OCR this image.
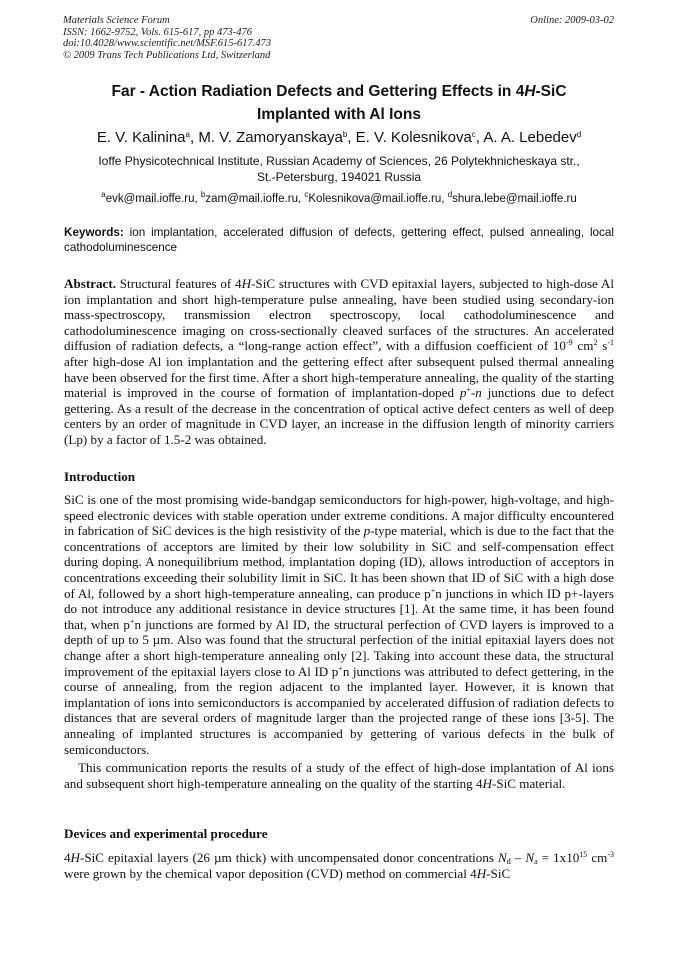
Materials Science Forum
ISSN: 1662-9752, Vols. 615-617, pp 473-476
doi:10.4028/www.scientific.net/MSF.615-617.473
© 2009 Trans Tech Publications Ltd, Switzerland
Online: 2009-03-02
Far - Action Radiation Defects and Gettering Effects in 4H-SiC
Implanted with Al Ions
E. V. Kalinina$^a$, M. V. Zamoryanskaya$^b$, E. V. Kolesnikova$^c$, A. A. Lebedev$^d$
Ioffe Physicotechnical Institute, Russian Academy of Sciences, 26 Polytekhnicheskaya str.,
St.-Petersburg, 194021 Russia
$^a$evk@mail.ioffe.ru, $^b$zam@mail.ioffe.ru, $^c$Kolesnikova@mail.ioffe.ru, $^d$shura.lebe@mail.ioffe.ru
Keywords: ion implantation, accelerated diffusion of defects, gettering effect, pulsed annealing, local cathodoluminescence
Abstract. Structural features of 4H-SiC structures with CVD epitaxial layers, subjected to high-dose Al ion implantation and short high-temperature pulse annealing, have been studied using secondary-ion mass-spectroscopy, transmission electron spectroscopy, local cathodoluminescence and cathodoluminescence imaging on cross-sectionally cleaved surfaces of the structures. An accelerated diffusion of radiation defects, a “long-range action effect”, with a diffusion coefficient of $10^{-9}$ $cm^2$ $s^{-1}$ after high-dose Al ion implantation and the gettering effect after subsequent pulsed thermal annealing have been observed for the first time. After a short high-temperature annealing, the quality of the starting material is improved in the course of formation of implantation-doped p+-n junctions due to defect gettering. As a result of the decrease in the concentration of optical active defect centers as well of deep centers by an order of magnitude in CVD layer, an increase in the diffusion length of minority carriers (Lp) by a factor of 1.5-2 was obtained.
Introduction
SiC is one of the most promising wide-bandgap semiconductors for high-power, high-voltage, and high-speed electronic devices with stable operation under extreme conditions. A major difficulty encountered in fabrication of SiC devices is the high resistivity of the p-type material, which is due to the fact that the concentrations of acceptors are limited by their low solubility in SiC and self-compensation effect during doping. A nonequilibrium method, implantation doping (ID), allows introduction of acceptors in concentrations exceeding their solubility limit in SiC. It has been shown that ID of SiC with a high dose of Al, followed by a short high-temperature annealing, can produce p+n junctions in which ID p+-layers do not introduce any additional resistance in device structures [1]. At the same time, it has been found that, when p+n junctions are formed by Al ID, the structural perfection of CVD layers is improved to a depth of up to 5 µm. Also was found that the structural perfection of the initial epitaxial layers does not change after a short high-temperature annealing only [2]. Taking into account these data, the structural improvement of the epitaxial layers close to Al ID p+n junctions was attributed to defect gettering, in the course of annealing, from the region adjacent to the implanted layer. However, it is known that implantation of ions into semiconductors is accompanied by accelerated diffusion of radiation defects to distances that are several orders of magnitude larger than the projected range of these ions [3-5]. The annealing of implanted structures is accompanied by gettering of various defects in the bulk of semiconductors.
This communication reports the results of a study of the effect of high-dose implantation of Al ions and subsequent short high-temperature annealing on the quality of the starting 4H-SiC material.
Devices and experimental procedure
4H-SiC epitaxial layers (26 µm thick) with uncompensated donor concentrations $N_d - N_a = 1x10^{15}$ $cm^{-3}$ were grown by the chemical vapor deposition (CVD) method on commercial 4H-SiC
